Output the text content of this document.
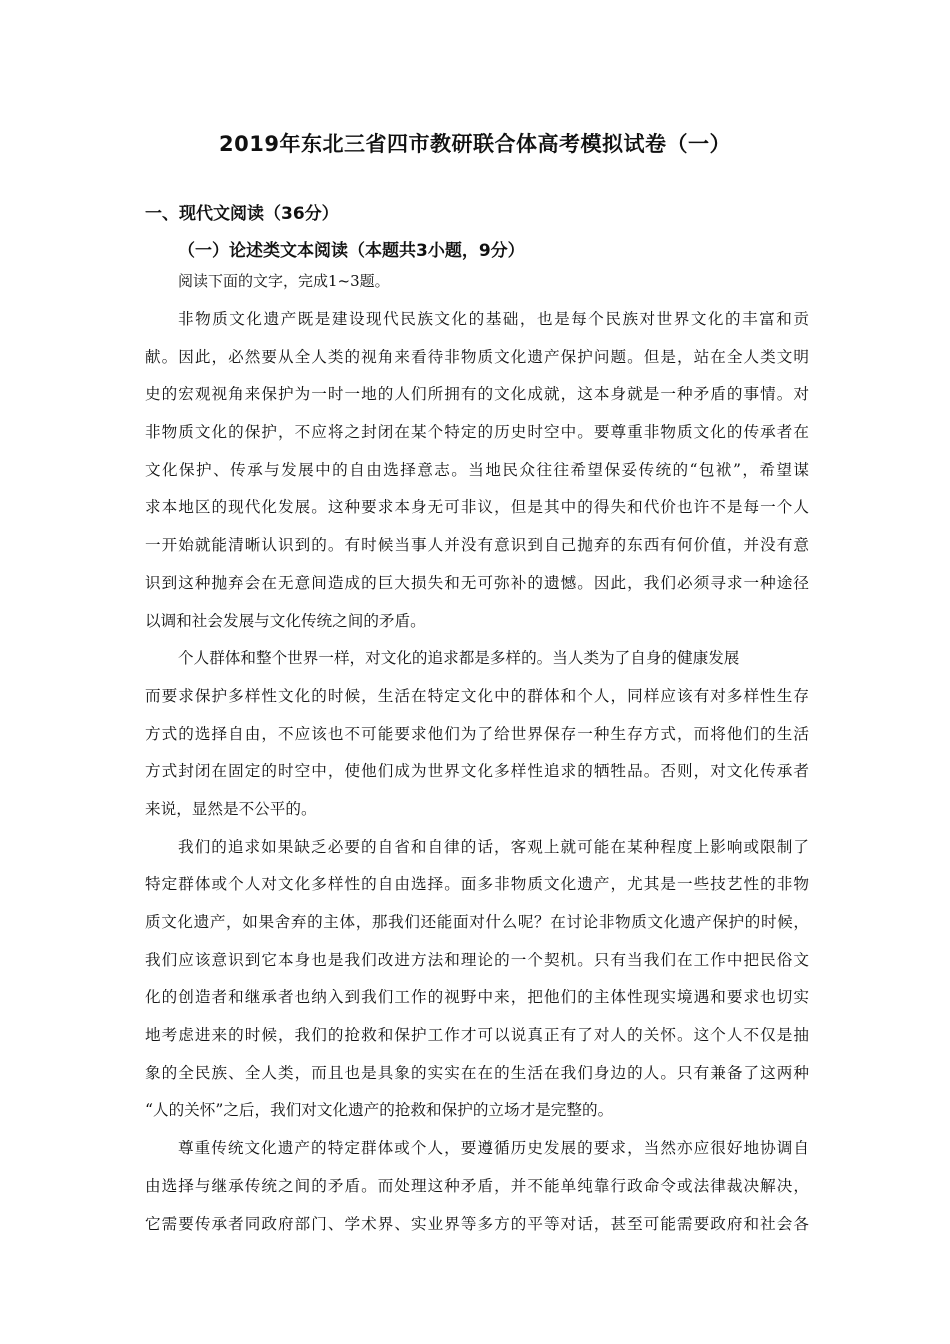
2019年东北三省四市教研联合体高考模拟试卷（一）
一、现代文阅读（36分）
（一）论述类文本阅读（本题共3小题，9分）

阅读下面的文字，完成1~3题。

非物质文化遗产既是建设现代民族文化的基础，也是每个民族对世界文化的丰富和贡
献。因此，必然要从全人类的视角来看待非物质文化遗产保护问题。但是，站在全人类文明
史的宏观视角来保护为一时一地的人们所拥有的文化成就，这本身就是一种矛盾的事情。对
非物质文化的保护，不应将之封闭在某个特定的历史时空中。要尊重非物质文化的传承者在
文化保护、传承与发展中的自由选择意志。当地民众往往希望保妥传统的“包袱”，希望谋
求本地区的现代化发展。这种要求本身无可非议，但是其中的得失和代价也许不是每一个人
一开始就能清晰认识到的。有时候当事人并没有意识到自己抛弃的东西有何价值，并没有意
识到这种抛弃会在无意间造成的巨大损失和无可弥补的遗憾。因此，我们必须寻求一种途径
以调和社会发展与文化传统之间的矛盾。
个人群体和整个世界一样，对文化的追求都是多样的。当人类为了自身的健康发展
而要求保护多样性文化的时候，生活在特定文化中的群体和个人，同样应该有对多样性生存
方式的选择自由，不应该也不可能要求他们为了给世界保存一种生存方式，而将他们的生活
方式封闭在固定的时空中，使他们成为世界文化多样性追求的牺牲品。否则，对文化传承者
来说，显然是不公平的。
我们的追求如果缺乏必要的自省和自律的话，客观上就可能在某种程度上影响或限制了
特定群体或个人对文化多样性的自由选择。面多非物质文化遗产，尤其是一些技艺性的非物
质文化遗产，如果舍弃的主体，那我们还能面对什么呢？在讨论非物质文化遗产保护的时候，
我们应该意识到它本身也是我们改进方法和理论的一个契机。只有当我们在工作中把民俗文
化的创造者和继承者也纳入到我们工作的视野中来，把他们的主体性现实境遇和要求也切实
地考虑进来的时候，我们的抢救和保护工作才可以说真正有了对人的关怀。这个人不仅是抽
象的全民族、全人类，而且也是具象的实实在在的生活在我们身边的人。只有兼备了这两种
“人的关怀”之后，我们对文化遗产的抢救和保护的立场才是完整的。
尊重传统文化遗产的特定群体或个人，要遵循历史发展的要求，当然亦应很好地协调自
由选择与继承传统之间的矛盾。而处理这种矛盾，并不能单纯靠行政命令或法律裁决解决，
它需要传承者同政府部门、学术界、实业界等多方的平等对话，甚至可能需要政府和社会各
